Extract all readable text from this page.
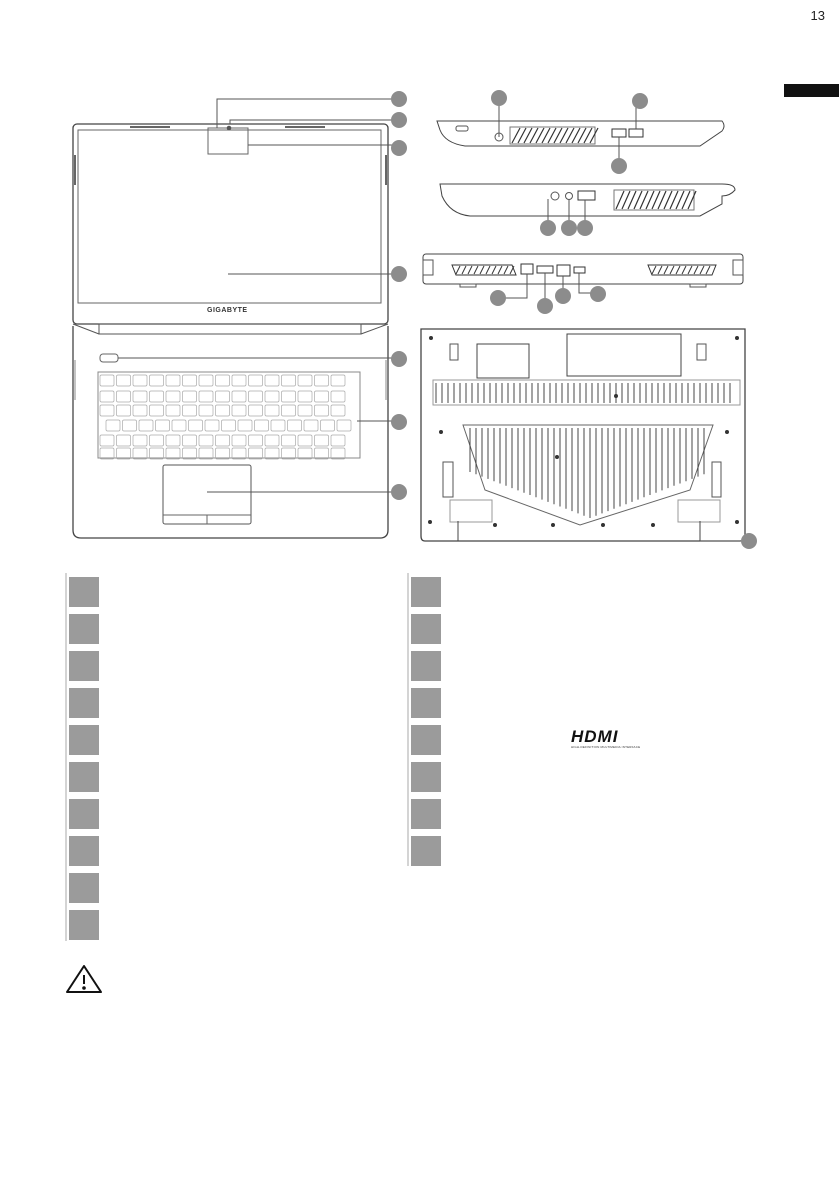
13
GIGABYTE
HDMI
HIGH-DEFINITION MULTIMEDIA INTERFACE
